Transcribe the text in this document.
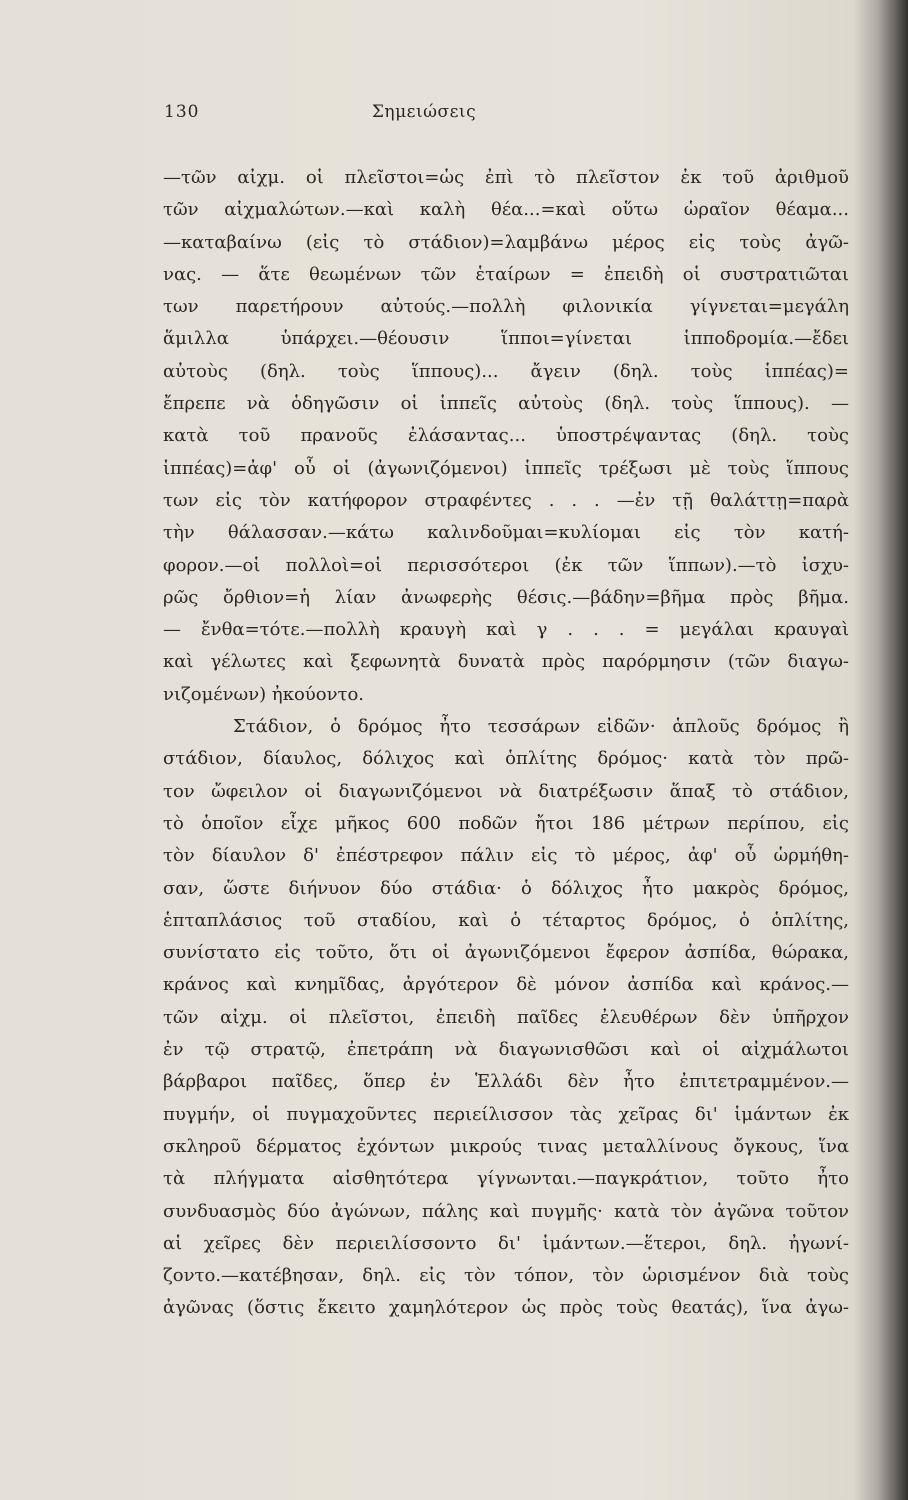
130	Σημειώσεις
—τῶν αἰχμ. οἱ πλεῖστοι=ὡς ἐπὶ τὸ πλεῖστον ἐκ τοῦ ἀριθμοῦ
τῶν αἰχμαλώτων.—καὶ καλὴ θέα...=καὶ οὕτω ὡραῖον θέαμα...
—καταβαίνω (εἰς τὸ στάδιον)=λαμβάνω μέρος εἰς τοὺς ἀγῶ-
νας. — ἅτε θεωμένων τῶν ἑταίρων = ἐπειδὴ οἱ συστρατιῶται
των παρετήρουν αὐτούς.—πολλὴ φιλονικία γίγνεται=μεγάλη
ἅμιλλα ὑπάρχει.—θέουσιν ἵπποι=γίνεται ἱπποδρομία.—ἔδει
αὐτοὺς (δηλ. τοὺς ἵππους)... ἄγειν (δηλ. τοὺς ἱππέας)=
ἔπρεπε νὰ ὁδηγῶσιν οἱ ἱππεῖς αὐτοὺς (δηλ. τοὺς ἵππους). —
κατὰ τοῦ πρανοῦς ἐλάσαντας... ὑποστρέψαντας (δηλ. τοὺς
ἱππέας)=ἀφ' οὗ οἱ (ἀγωνιζόμενοι) ἱππεῖς τρέξωσι μὲ τοὺς ἵππους
των εἰς τὸν κατήφορον στραφέντες . . . —ἐν τῇ θαλάττῃ=παρὰ
τὴν θάλασσαν.—κάτω καλινδοῦμαι=κυλίομαι εἰς τὸν κατή-
φορον.—οἱ πολλοὶ=οἱ περισσότεροι (ἐκ τῶν ἵππων).—τὸ ἰσχυ-
ρῶς ὄρθιον=ἡ λίαν ἀνωφερὴς θέσις.—βάδην=βῆμα πρὸς βῆμα.
— ἔνθα=τότε.—πολλὴ κραυγὴ καὶ γ . . . = μεγάλαι κραυγαὶ
καὶ γέλωτες καὶ ξεφωνητὰ δυνατὰ πρὸς παρόρμησιν (τῶν διαγω-
νιζομένων) ἠκούοντο.
Στάδιον, ὁ δρόμος ἦτο τεσσάρων εἰδῶν· ἁπλοῦς δρόμος ἢ
στάδιον, δίαυλος, δόλιχος καὶ ὁπλίτης δρόμος· κατὰ τὸν πρῶ-
τον ὤφειλον οἱ διαγωνιζόμενοι νὰ διατρέξωσιν ἅπαξ τὸ στάδιον,
τὸ ὁποῖον εἶχε μῆκος 600 ποδῶν ἤτοι 186 μέτρων περίπου, εἰς
τὸν δίαυλον δ' ἐπέστρεφον πάλιν εἰς τὸ μέρος, ἀφ' οὗ ὡρμήθη-
σαν, ὥστε διήνυον δύο στάδια· ὁ δόλιχος ἦτο μακρὸς δρόμος,
ἑπταπλάσιος τοῦ σταδίου, καὶ ὁ τέταρτος δρόμος, ὁ ὁπλίτης,
συνίστατο εἰς τοῦτο, ὅτι οἱ ἀγωνιζόμενοι ἔφερον ἀσπίδα, θώρακα,
κράνος καὶ κνημῖδας, ἀργότερον δὲ μόνον ἀσπίδα καὶ κράνος.—
τῶν αἰχμ. οἱ πλεῖστοι, ἐπειδὴ παῖδες ἐλευθέρων δὲν ὑπῆρχον
ἐν τῷ στρατῷ, ἐπετράπη νὰ διαγωνισθῶσι καὶ οἱ αἰχμάλωτοι
βάρβαροι παῖδες, ὅπερ ἐν Ἑλλάδι δὲν ἦτο ἐπιτετραμμένον.—
πυγμήν, οἱ πυγμαχοῦντες περιείλισσον τὰς χεῖρας δι' ἱμάντων ἐκ
σκληροῦ δέρματος ἐχόντων μικρούς τινας μεταλλίνους ὄγκους, ἵνα
τὰ πλήγματα αἰσθητότερα γίγνωνται.—παγκράτιον, τοῦτο ἦτο
συνδυασμὸς δύο ἀγώνων, πάλης καὶ πυγμῆς· κατὰ τὸν ἀγῶνα τοῦτον
αἱ χεῖρες δὲν περιειλίσσοντο δι' ἱμάντων.—ἕτεροι, δηλ. ἠγωνί-
ζοντο.—κατέβησαν, δηλ. εἰς τὸν τόπον, τὸν ὡρισμένον διὰ τοὺς
ἀγῶνας (ὅστις ἔκειτο χαμηλότερον ὡς πρὸς τοὺς θεατάς), ἵνα ἀγω-
